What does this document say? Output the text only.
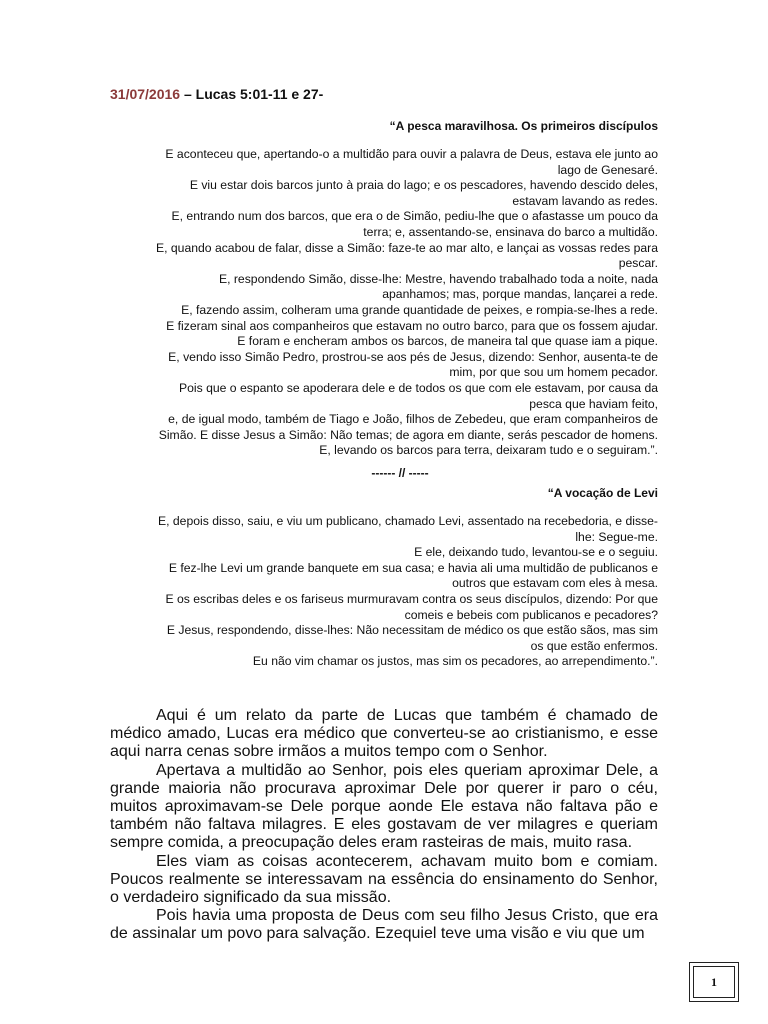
31/07/2016 – Lucas 5:01-11 e 27-
“A pesca maravilhosa. Os primeiros discípulos
E aconteceu que, apertando-o a multidão para ouvir a palavra de Deus, estava ele junto ao
lago de Genesaré.
E viu estar dois barcos junto à praia do lago; e os pescadores, havendo descido deles,
estavam lavando as redes.
E, entrando num dos barcos, que era o de Simão, pediu-lhe que o afastasse um pouco da
terra; e, assentando-se, ensinava do barco a multidão.
E, quando acabou de falar, disse a Simão: faze-te ao mar alto, e lançai as vossas redes para
pescar.
E, respondendo Simão, disse-lhe: Mestre, havendo trabalhado toda a noite, nada
apanhamos; mas, porque mandas, lançarei a rede.
E, fazendo assim, colheram uma grande quantidade de peixes, e rompia-se-lhes a rede.
E fizeram sinal aos companheiros que estavam no outro barco, para que os fossem ajudar.
E foram e encheram ambos os barcos, de maneira tal que quase iam a pique.
E, vendo isso Simão Pedro, prostrou-se aos pés de Jesus, dizendo: Senhor, ausenta-te de
mim, por que sou um homem pecador.
Pois que o espanto se apoderara dele e de todos os que com ele estavam, por causa da
pesca que haviam feito,
e, de igual modo, também de Tiago e João, filhos de Zebedeu, que eram companheiros de
Simão. E disse Jesus a Simão: Não temas; de agora em diante, serás pescador de homens.
E, levando os barcos para terra, deixaram tudo e o seguiram.”.
------ // -----
“A vocação de Levi
E, depois disso, saiu, e viu um publicano, chamado Levi, assentado na recebedoria, e disse-
lhe: Segue-me.
E ele, deixando tudo, levantou-se e o seguiu.
E fez-lhe Levi um grande banquete em sua casa; e havia ali uma multidão de publicanos e
outros que estavam com eles à mesa.
E os escribas deles e os fariseus murmuravam contra os seus discípulos, dizendo: Por que
comeis e bebeis com publicanos e pecadores?
E Jesus, respondendo, disse-lhes: Não necessitam de médico os que estão sãos, mas sim
os que estão enfermos.
Eu não vim chamar os justos, mas sim os pecadores, ao arrependimento.”.

Aqui é um relato da parte de Lucas que também é chamado de médico amado, Lucas era médico que converteu-se ao cristianismo, e esse aqui narra cenas sobre irmãos a muitos tempo com o Senhor.

Apertava a multidão ao Senhor, pois eles queriam aproximar Dele, a grande maioria não procurava aproximar Dele por querer ir paro o céu, muitos aproximavam-se Dele porque aonde Ele estava não faltava pão e também não faltava milagres. E eles gostavam de ver milagres e queriam sempre comida, a preocupação deles eram rasteiras de mais, muito rasa.

Eles viam as coisas acontecerem, achavam muito bom e comiam. Poucos realmente se interessavam na essência do ensinamento do Senhor, o verdadeiro significado da sua missão.

Pois havia uma proposta de Deus com seu filho Jesus Cristo, que era de assinalar um povo para salvação. Ezequiel teve uma visão e viu que um

1
